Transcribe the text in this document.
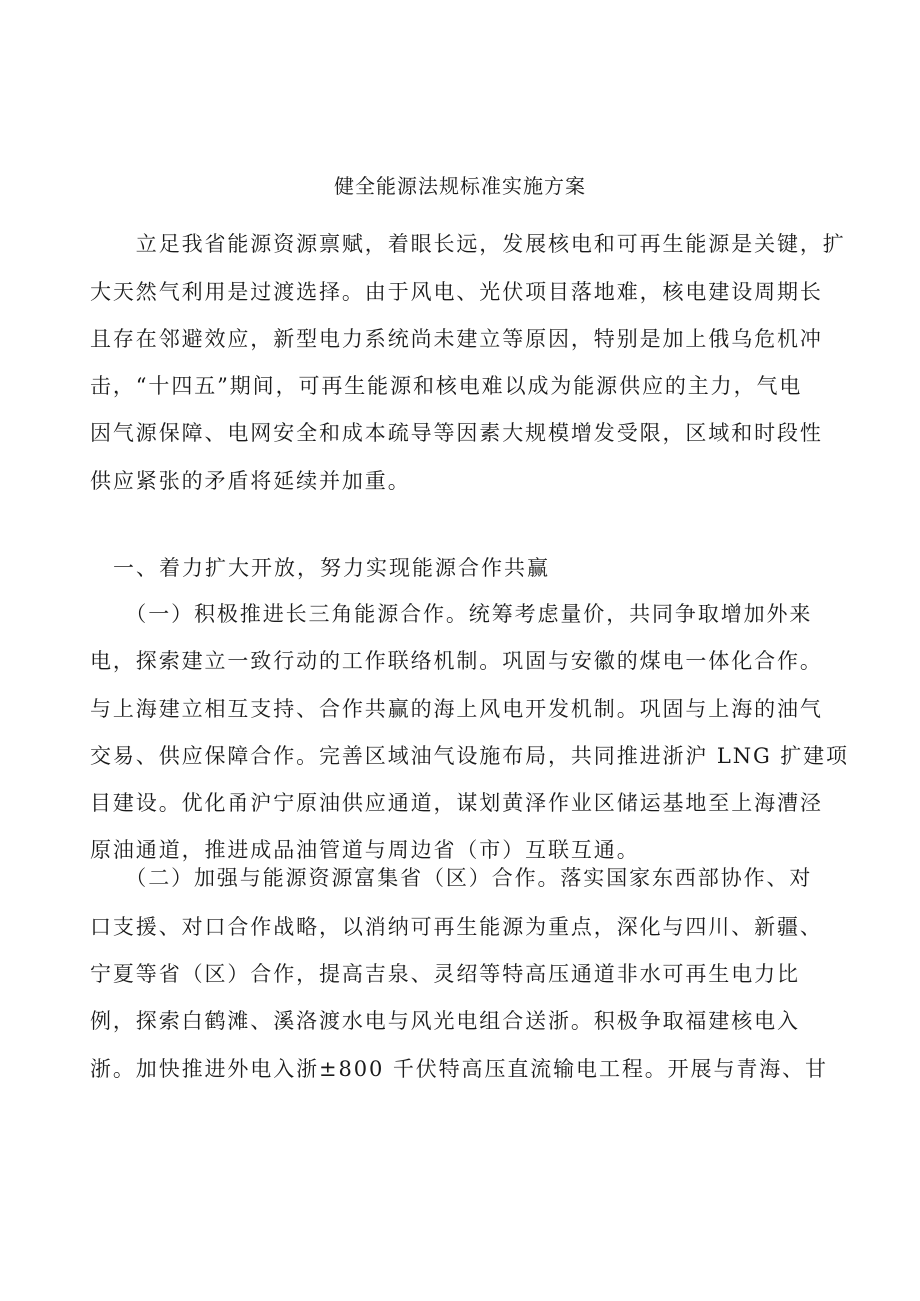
健全能源法规标准实施方案
　　立足我省能源资源禀赋，着眼长远，发展核电和可再生能源是关键，扩
大天然气利用是过渡选择。由于风电、光伏项目落地难，核电建设周期长
且存在邻避效应，新型电力系统尚未建立等原因，特别是加上俄乌危机冲
击，“十四五”期间，可再生能源和核电难以成为能源供应的主力，气电
因气源保障、电网安全和成本疏导等因素大规模增发受限，区域和时段性
供应紧张的矛盾将延续并加重。
　一、着力扩大开放，努力实现能源合作共赢
　　（一）积极推进长三角能源合作。统筹考虑量价，共同争取增加外来
电，探索建立一致行动的工作联络机制。巩固与安徽的煤电一体化合作。
与上海建立相互支持、合作共赢的海上风电开发机制。巩固与上海的油气
交易、供应保障合作。完善区域油气设施布局，共同推进浙沪 LNG 扩建项
目建设。优化甬沪宁原油供应通道，谋划黄泽作业区储运基地至上海漕泾
原油通道，推进成品油管道与周边省（市）互联互通。
　　（二）加强与能源资源富集省（区）合作。落实国家东西部协作、对
口支援、对口合作战略，以消纳可再生能源为重点，深化与四川、新疆、
宁夏等省（区）合作，提高吉泉、灵绍等特高压通道非水可再生电力比
例，探索白鹤滩、溪洛渡水电与风光电组合送浙。积极争取福建核电入
浙。加快推进外电入浙±800 千伏特高压直流输电工程。开展与青海、甘
